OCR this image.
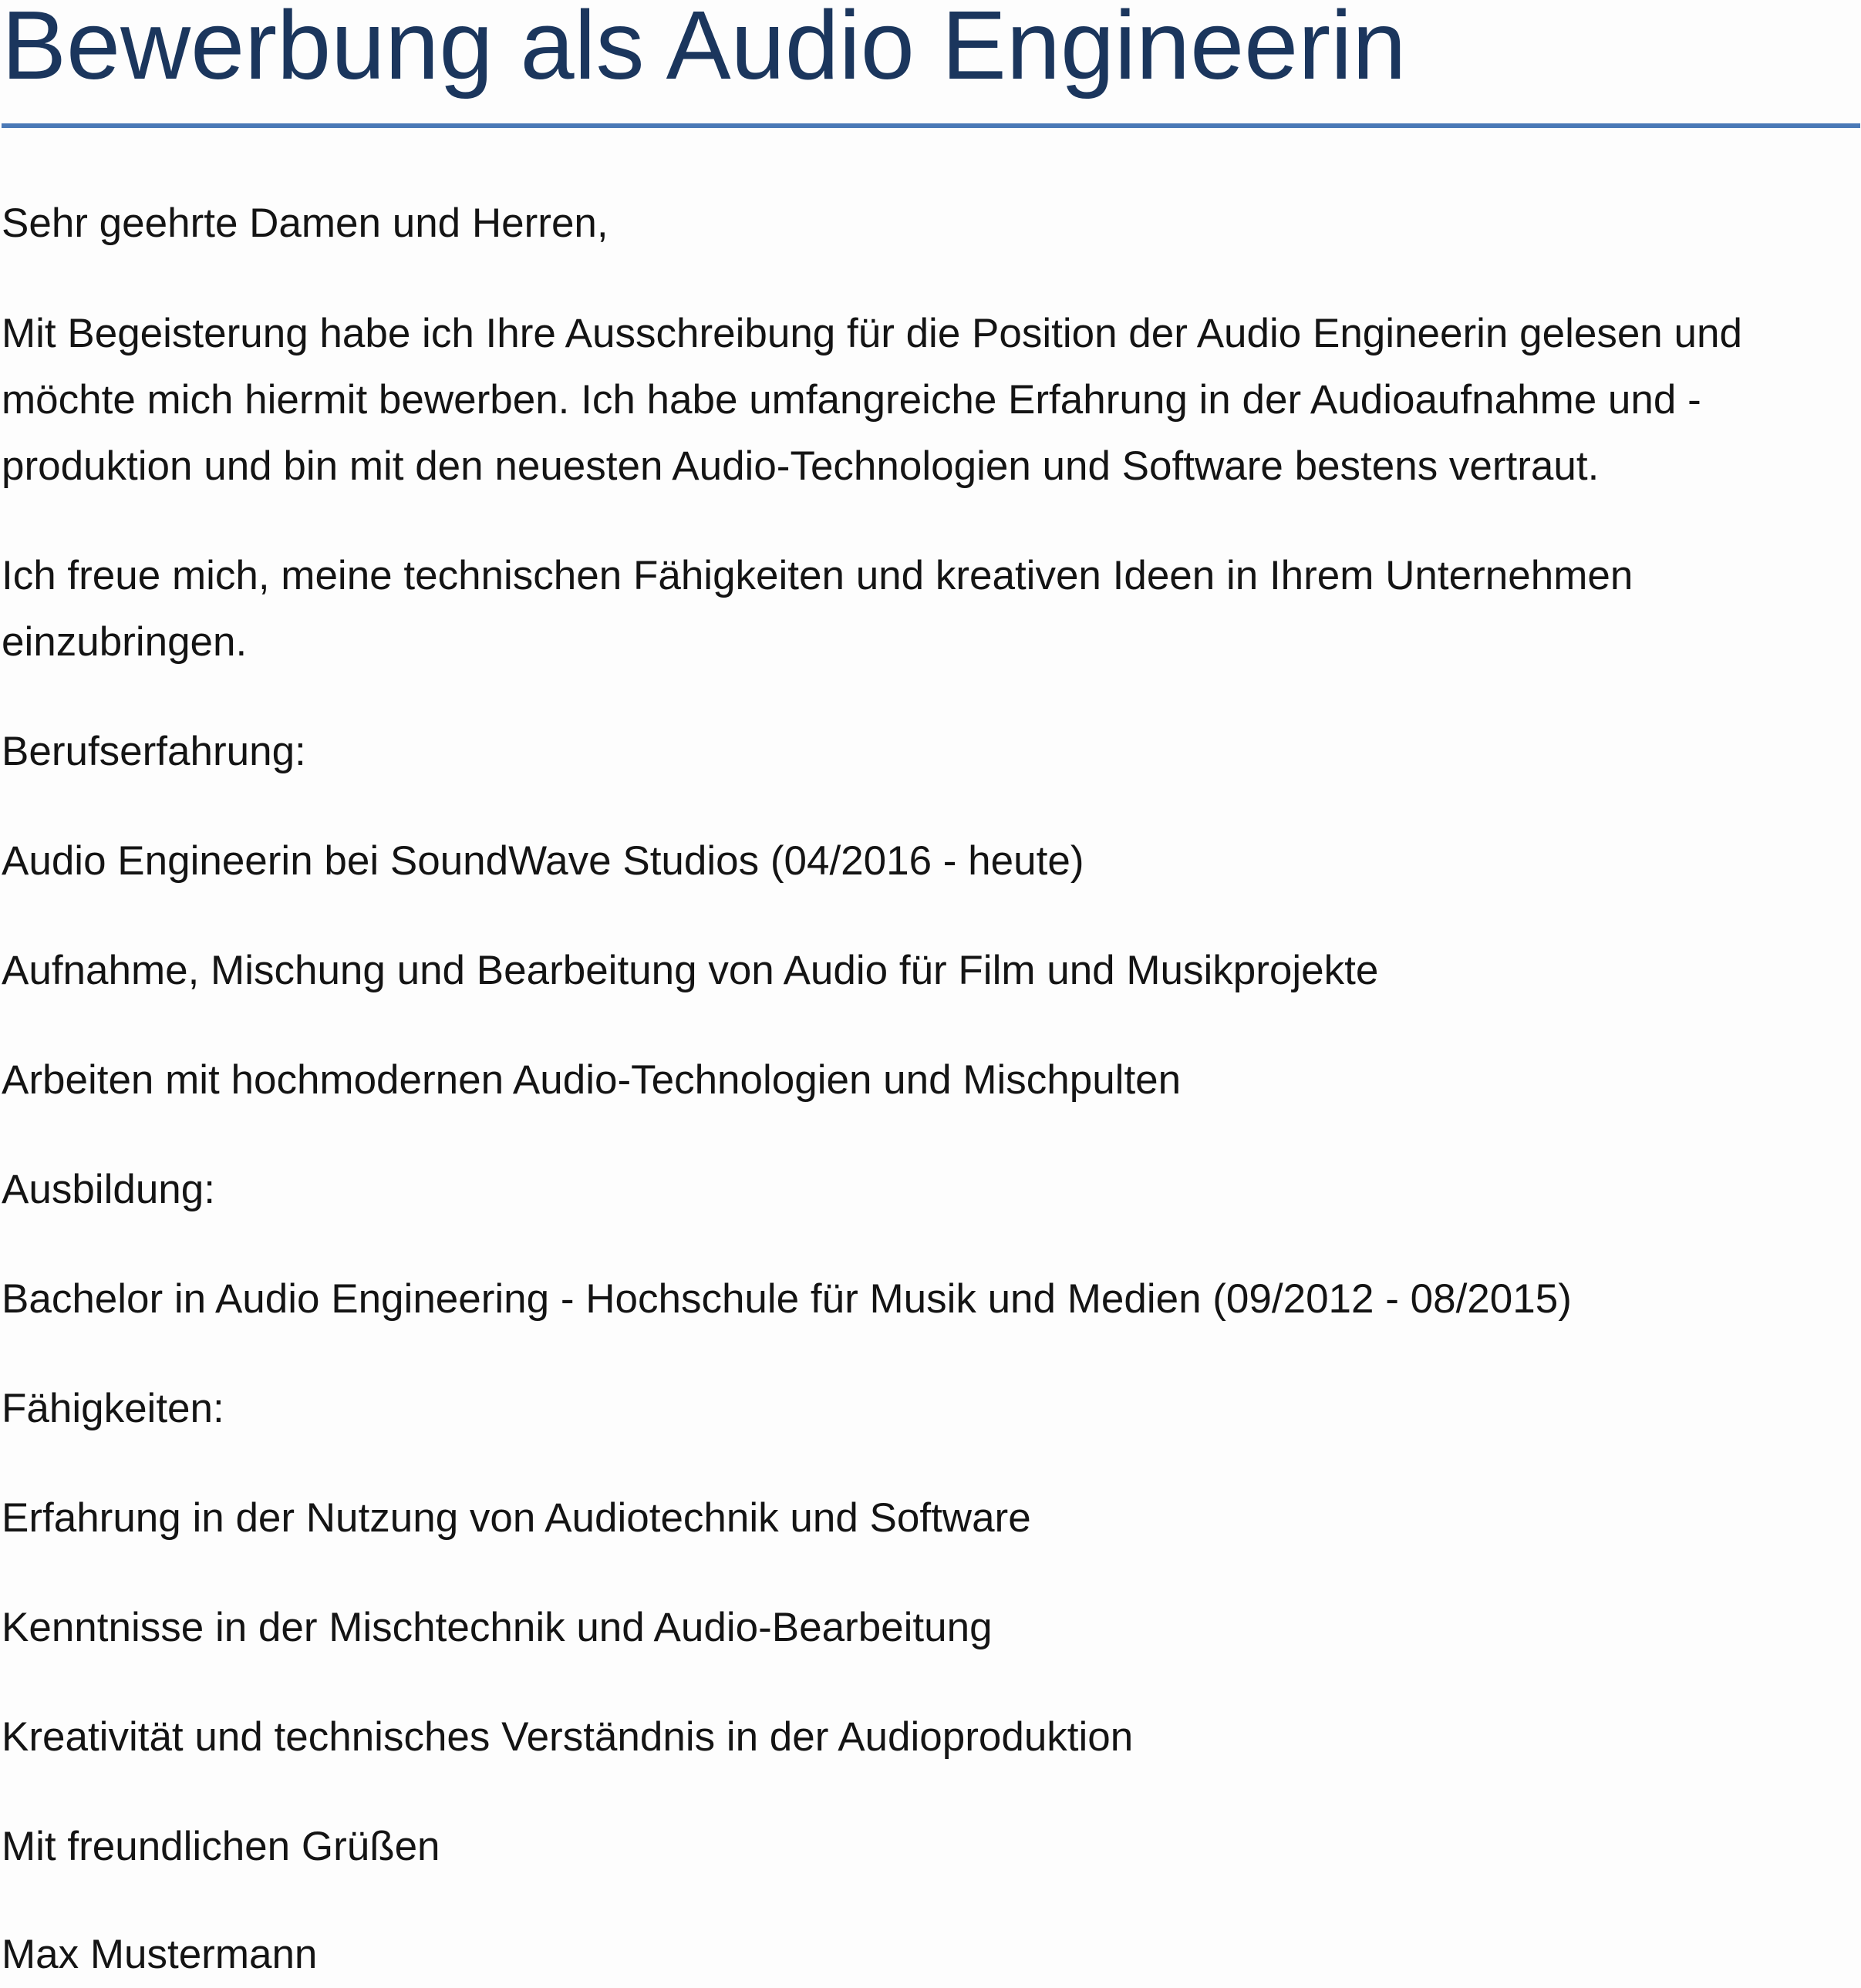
Bewerbung als Audio Engineerin

Sehr geehrte Damen und Herren,

Mit Begeisterung habe ich Ihre Ausschreibung für die Position der Audio Engineerin gelesen und

möchte mich hiermit bewerben. Ich habe umfangreiche Erfahrung in der Audioaufnahme und -

produktion und bin mit den neuesten Audio-Technologien und Software bestens vertraut.

Ich freue mich, meine technischen Fähigkeiten und kreativen Ideen in Ihrem Unternehmen

einzubringen.

Berufserfahrung:

Audio Engineerin bei SoundWave Studios (04/2016 - heute)

Aufnahme, Mischung und Bearbeitung von Audio für Film und Musikprojekte

Arbeiten mit hochmodernen Audio-Technologien und Mischpulten

Ausbildung:

Bachelor in Audio Engineering - Hochschule für Musik und Medien (09/2012 - 08/2015)

Fähigkeiten:

Erfahrung in der Nutzung von Audiotechnik und Software

Kenntnisse in der Mischtechnik und Audio-Bearbeitung

Kreativität und technisches Verständnis in der Audioproduktion

Mit freundlichen Grüßen

Max Mustermann
